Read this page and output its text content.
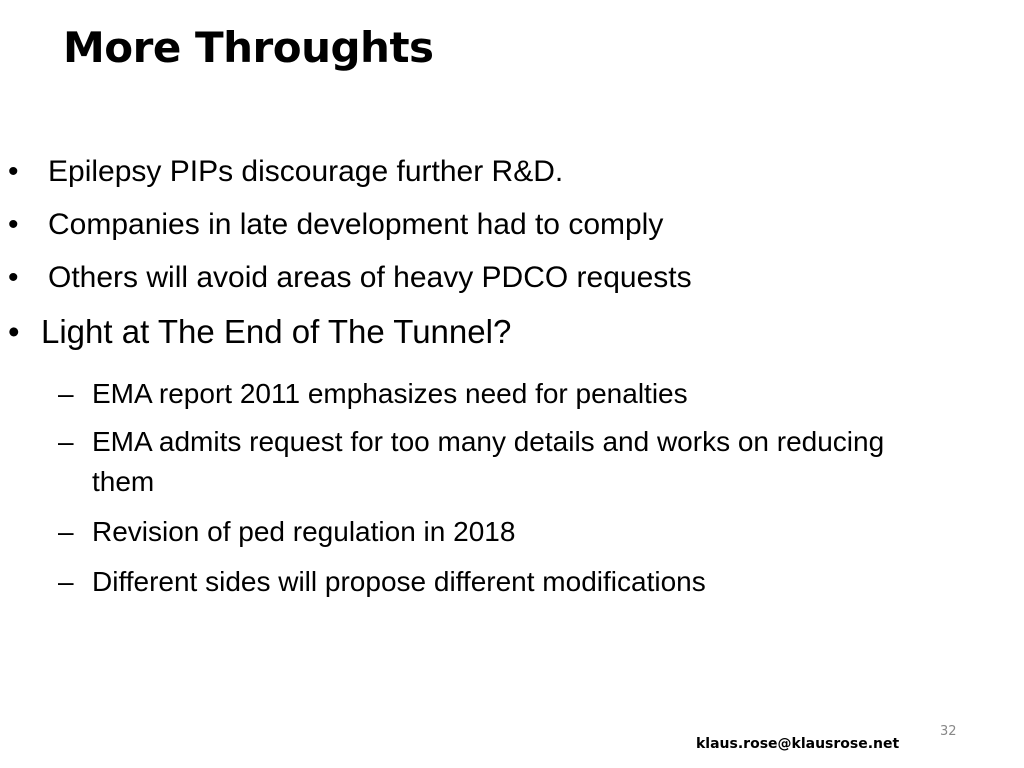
More Throughts
• Epilepsy PIPs discourage further R&D.
• Companies in late development had to comply
• Others will avoid areas of heavy PDCO requests
• Light at The End of The Tunnel?
– EMA report 2011 emphasizes need for penalties
– EMA admits request for too many details and works on reducing them
– Revision of ped regulation in 2018
– Different sides will propose different modifications
32
klaus.rose@klausrose.net
